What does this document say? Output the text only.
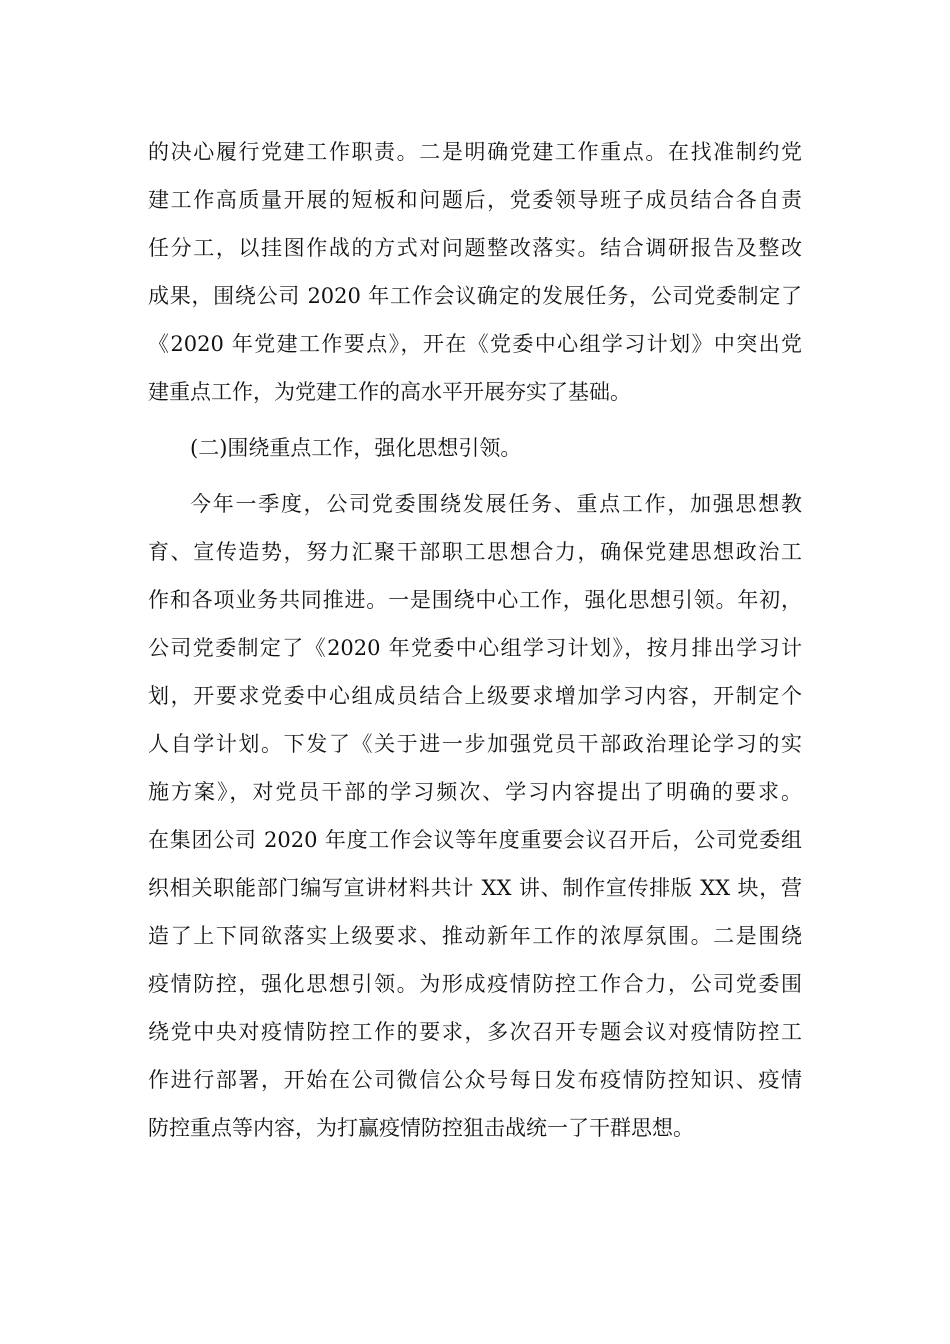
的决心履行党建工作职责。二是明确党建工作重点。在找准制约党
建工作高质量开展的短板和问题后，党委领导班子成员结合各自责
任分工，以挂图作战的方式对问题整改落实。结合调研报告及整改
成果，围绕公司 2020 年工作会议确定的发展任务，公司党委制定了
《2020 年党建工作要点》，开在《党委中心组学习计划》中突出党
建重点工作，为党建工作的高水平开展夯实了基础。
(二)围绕重点工作，强化思想引领。
今年一季度，公司党委围绕发展任务、重点工作，加强思想教
育、宣传造势，努力汇聚干部职工思想合力，确保党建思想政治工
作和各项业务共同推进。一是围绕中心工作，强化思想引领。年初，
公司党委制定了《2020 年党委中心组学习计划》，按月排出学习计
划，开要求党委中心组成员结合上级要求增加学习内容，开制定个
人自学计划。下发了《关于进一步加强党员干部政治理论学习的实
施方案》，对党员干部的学习频次、学习内容提出了明确的要求。
在集团公司 2020 年度工作会议等年度重要会议召开后，公司党委组
织相关职能部门编写宣讲材料共计 XX 讲、制作宣传排版 XX 块，营
造了上下同欲落实上级要求、推动新年工作的浓厚氛围。二是围绕
疫情防控，强化思想引领。为形成疫情防控工作合力，公司党委围
绕党中央对疫情防控工作的要求，多次召开专题会议对疫情防控工
作进行部署，开始在公司微信公众号每日发布疫情防控知识、疫情
防控重点等内容，为打赢疫情防控狙击战统一了干群思想。
